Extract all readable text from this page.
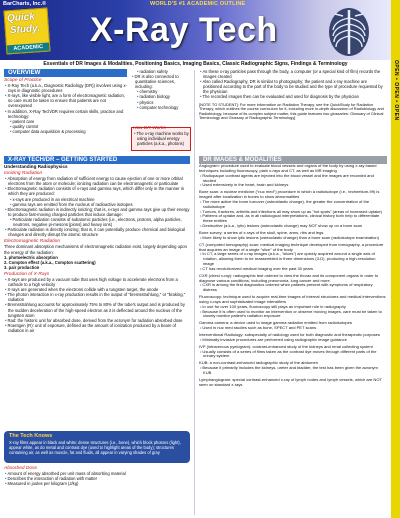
BarCharts, Inc.®	WORLD'S #1 ACADEMIC OUTLINE
Quick
Study.
ACADEMIC X-Ray Tech
OPEN • OPEN • OPEN
Essentials of DR Images & Modalities, Positioning Basics, Imaging Basics, Classic Radiographic Signs, Findings & Terminology
OVERVIEW
Scope of Practice
• X-Ray Tech (a.k.a., Diagnostic Radiology (DR)) involves using x-rays in diagnostic procedures
• X-rays, like visible light, are a form of electromagnetic radiation, so care must be taken to ensure that patients are not overexposed
• In addition, X-Ray Tech/DR requires certain skills, practice and technology:
• patient care
• quality control
• computer data acquisition & processing
• radiation safety
• DR is also connected to quantitative sciences, including:
• chemistry
• radiation biology
• physics
• computer technology
How DR Works
• The x-ray machine works by using individual energy particles (a.k.a., photons)
• As these x-ray particles pass through the body, a computer (or a special kind of film) records the images created
• Also called Radiography, DR is similar to photography; the patient and x-ray machine are positioned according to the part of the body to be studied and the type of procedure requested by the physician
• The recorded images then can be evaluated and used for diagnosis by the physician
[NOTE TO STUDENT]: For more information on Radiation Therapy, see the QuickStudy for Radiation Therapy, which outlines the course curriculum for it, including more in-depth discussion of Radiobiology and Radiobiology, because of its complex subject matter, this guide features two glossaries: Glossary of Clinical Terminology and Glossary of Radiographic Terminology]
X-RAY TECH/DR – GETTING STARTED
Understanding Radiophysics
Ionizing Radiation
• Absorption of energy from radiation of sufficient energy to cause ejection of one or more orbital electrons from the atom or molecule; ionizing radiation can be electromagnetic or particulate
• Electromagnetic radiation consists of x-rays and gamma rays, which differ only in the manner in which they are produced:
• x-rays are produced in an electrical machine
• gamma rays are emitted from the nucleus of radioactive isotopes
• Electromagnetic radiation is indirectly ionizing; that is, x-rays and gamma rays give up their energy to produce fast-moving charged particles that induce damage:
• Particulate radiation consists of subatomic particles (i.e., electrons, protons, alpha particles, neutrons, negative pi-mesons [pions] and heavy ions)
• Particulate radiation is directly ionizing; that is, it can potentially produce chemical and biological changes and directly disrupt the atomic structure
Electromagnetic Radiation
Three dominant absorption mechanisms of electromagnetic radiation exist, largely depending upon the energy of the radiation:
1. photoelectric absorption
2. Compton effect (a.k.a., Compton scattering)
3. pair production
Production of X-Rays
• X-rays are produced by a vacuum tube that uses high voltage to accelerate electrons from a cathode to a high velocity
• X-rays are generated when the electrons collide with a tungsten target, the anode
• The photon interaction in x-ray production results in the output of "bremsstrahlung," or "braking," radiation
• Bremsstrahlung accounts for approximately 75% to 80% of the tube's output and is produced by the sudden deceleration of the high-speed electron as it is deflected around the nucleus of the tungsten atom
• Rad: the historic unit for absorbed dose, derived from the acronym for radiation absorbed dose
• Roentgen (R): unit of exposure, defined as the amount of ionization produced by a beam of radiation in air
The Tech Knows
X-ray films appear in black and white; dense structures (i.e., bone), which block photons (light), appear white, as do metal and contrast dye (used to highlight areas of the body); structures containing air, as well as muscle, fat and fluids, all appear in varying shades of gray
Absorbed Dose
• Amount of energy absorbed per unit mass of absorbing material
• Describes the interaction of radiation with matter
• Measured in joules per kilogram (J/kg)
DR IMAGES & MODALITIES
Angiogram: procedure used to evaluate blood vessels and organs of the body by using x-ray based techniques including fluoroscopy, plain x-rays and CT, as well as MR imaging
• Radiopaque contrast agents are injected into the blood vessel and the images are recorded and studied
• Used extensively in the heart, brain and kidneys
Bone scan: a nuclear medicine ("nuc med") procedure in which a radioisotope (i.e., technetium-99) is imaged after localization in bones to show abnormalities
• The more active the bone turnover (osteoblastic change), the greater the concentration of the radioisotope
• Tumors, fractures, arthritis and infections all may show up as "hot spots" (areas of increased uptake)
• Patterns of uptake and, as in all radiological interpretations, clinical history both help to differentiate these entities
• Destructive (a.k.a., lytic) lesions (osteoclastic change) may NOT show up on a bone scan
Bone survey: a series of x-rays of the skull, spine, arms, ribs and legs
• More likely to show lytic lesions (osteoclastic change) than a bone scan (radioisotope examination)
CT (computed tomography) scan: medical imaging technique developed from tomography, a procedure that acquires an image of a single "slice" of the body
• In CT, a large series of x-ray images (a.k.a., "slices") are quickly acquired around a single axis of rotation, allowing them to be reassembled in three dimensions (3-D), producing a high-resolution image
• CT has revolutionized medical imaging over the past 30 years
CXR (chest x-ray): radiographic test ordered to view the thorax and its component organs in order to diagnose various conditions, including pneumonia, lung cancer and more
• CXR is among the first diagnostics ordered when patients present with symptoms of respiratory distress
Fluoroscopy: technique used to acquire real-time images of internal structures and medical interventions using x-rays and sophisticated image intensifiers
• In use for over 100 years, fluoroscopy still plays an important role in radiography
• Because it is often used to monitor an intervention or observe moving images, care must be taken to closely monitor patient's radiation exposure
Gamma camera: a device used to image gamma radiation emitted from radioisotopes
• Used in nuc med studies such as bone, SPECT and PET scans
Interventional Radiology: subspecialty of radiology used for both diagnostic and therapeutic purposes
• Minimally invasive procedures are performed using radiographic image guidance
IVP (intravenous pyelogram): contrast-enhanced study of the kidneys and renal collecting system
• Usually consists of a series of films taken as the contrast dye moves through different parts of the urinary system
KUB: a non-contrast-enhanced radiographic study of the abdomen
• Because it primarily includes the kidneys, ureter and bladder, the test has been given the acronym KUB
Lymphangiogram: special contrast-enhanced x-ray of lymph nodes and lymph vessels, which are NOT seen on standard x-rays
